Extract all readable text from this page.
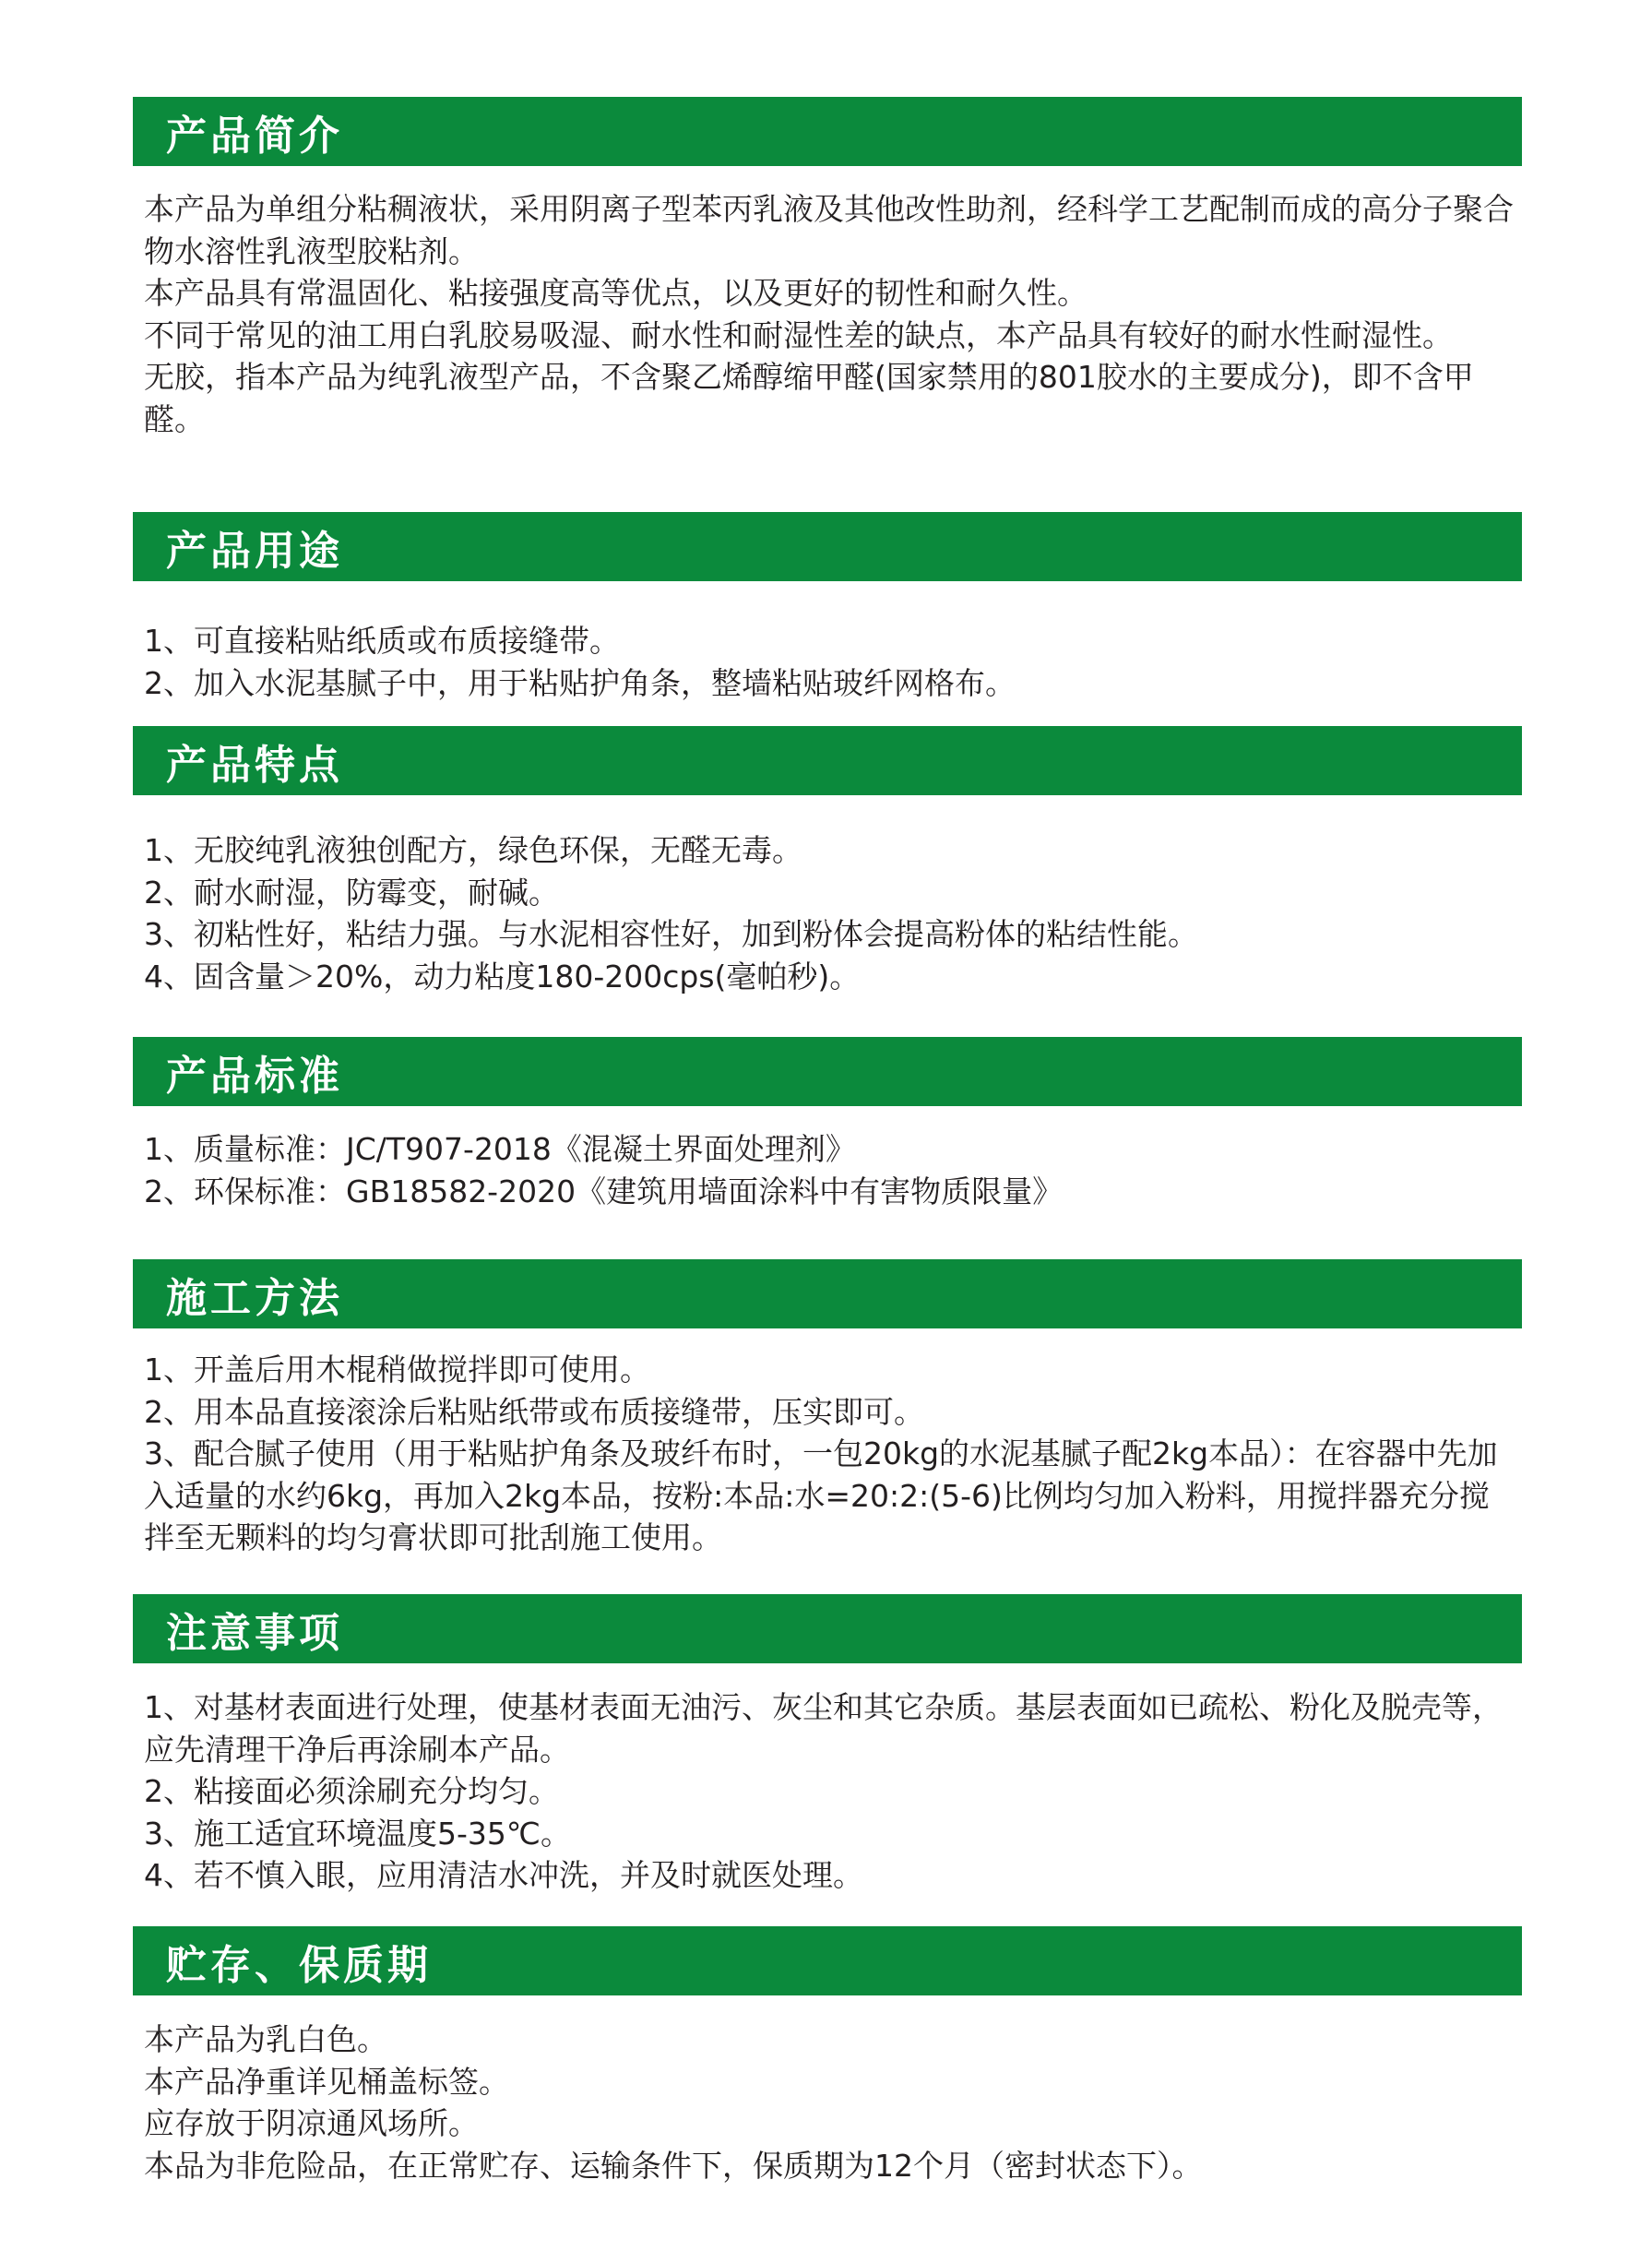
产品简介

本产品为单组分粘稠液状，采用阴离子型苯丙乳液及其他改性助剂，经科学工艺配制而成的高分子聚合物水溶性乳液型胶粘剂。

本产品具有常温固化、粘接强度高等优点，以及更好的韧性和耐久性。

不同于常见的油工用白乳胶易吸湿、耐水性和耐湿性差的缺点，本产品具有较好的耐水性耐湿性。

无胶，指本产品为纯乳液型产品，不含聚乙烯醇缩甲醛(国家禁用的801胶水的主要成分)，即不含甲醛。

产品用途

1、可直接粘贴纸质或布质接缝带。

2、加入水泥基腻子中，用于粘贴护角条，整墙粘贴玻纤网格布。

产品特点

1、无胶纯乳液独创配方，绿色环保，无醛无毒。

2、耐水耐湿，防霉变，耐碱。

3、初粘性好，粘结力强。与水泥相容性好，加到粉体会提高粉体的粘结性能。

4、固含量＞20%，动力粘度180-200cps(毫帕秒)。

产品标准

1、质量标准：JC/T907-2018《混凝土界面处理剂》

2、环保标准：GB18582-2020《建筑用墙面涂料中有害物质限量》

施工方法

1、开盖后用木棍稍做搅拌即可使用。

2、用本品直接滚涂后粘贴纸带或布质接缝带，压实即可。

3、配合腻子使用（用于粘贴护角条及玻纤布时，一包20kg的水泥基腻子配2kg本品）：在容器中先加入适量的水约6kg，再加入2kg本品，按粉:本品:水=20:2:(5-6)比例均匀加入粉料，用搅拌器充分搅拌至无颗料的均匀膏状即可批刮施工使用。

注意事项

1、对基材表面进行处理，使基材表面无油污、灰尘和其它杂质。基层表面如已疏松、粉化及脱壳等，应先清理干净后再涂刷本产品。

2、粘接面必须涂刷充分均匀。

3、施工适宜环境温度5-35℃。

4、若不慎入眼，应用清洁水冲洗，并及时就医处理。

贮存、保质期

本产品为乳白色。

本产品净重详见桶盖标签。

应存放于阴凉通风场所。

本品为非危险品，在正常贮存、运输条件下，保质期为12个月（密封状态下）。
